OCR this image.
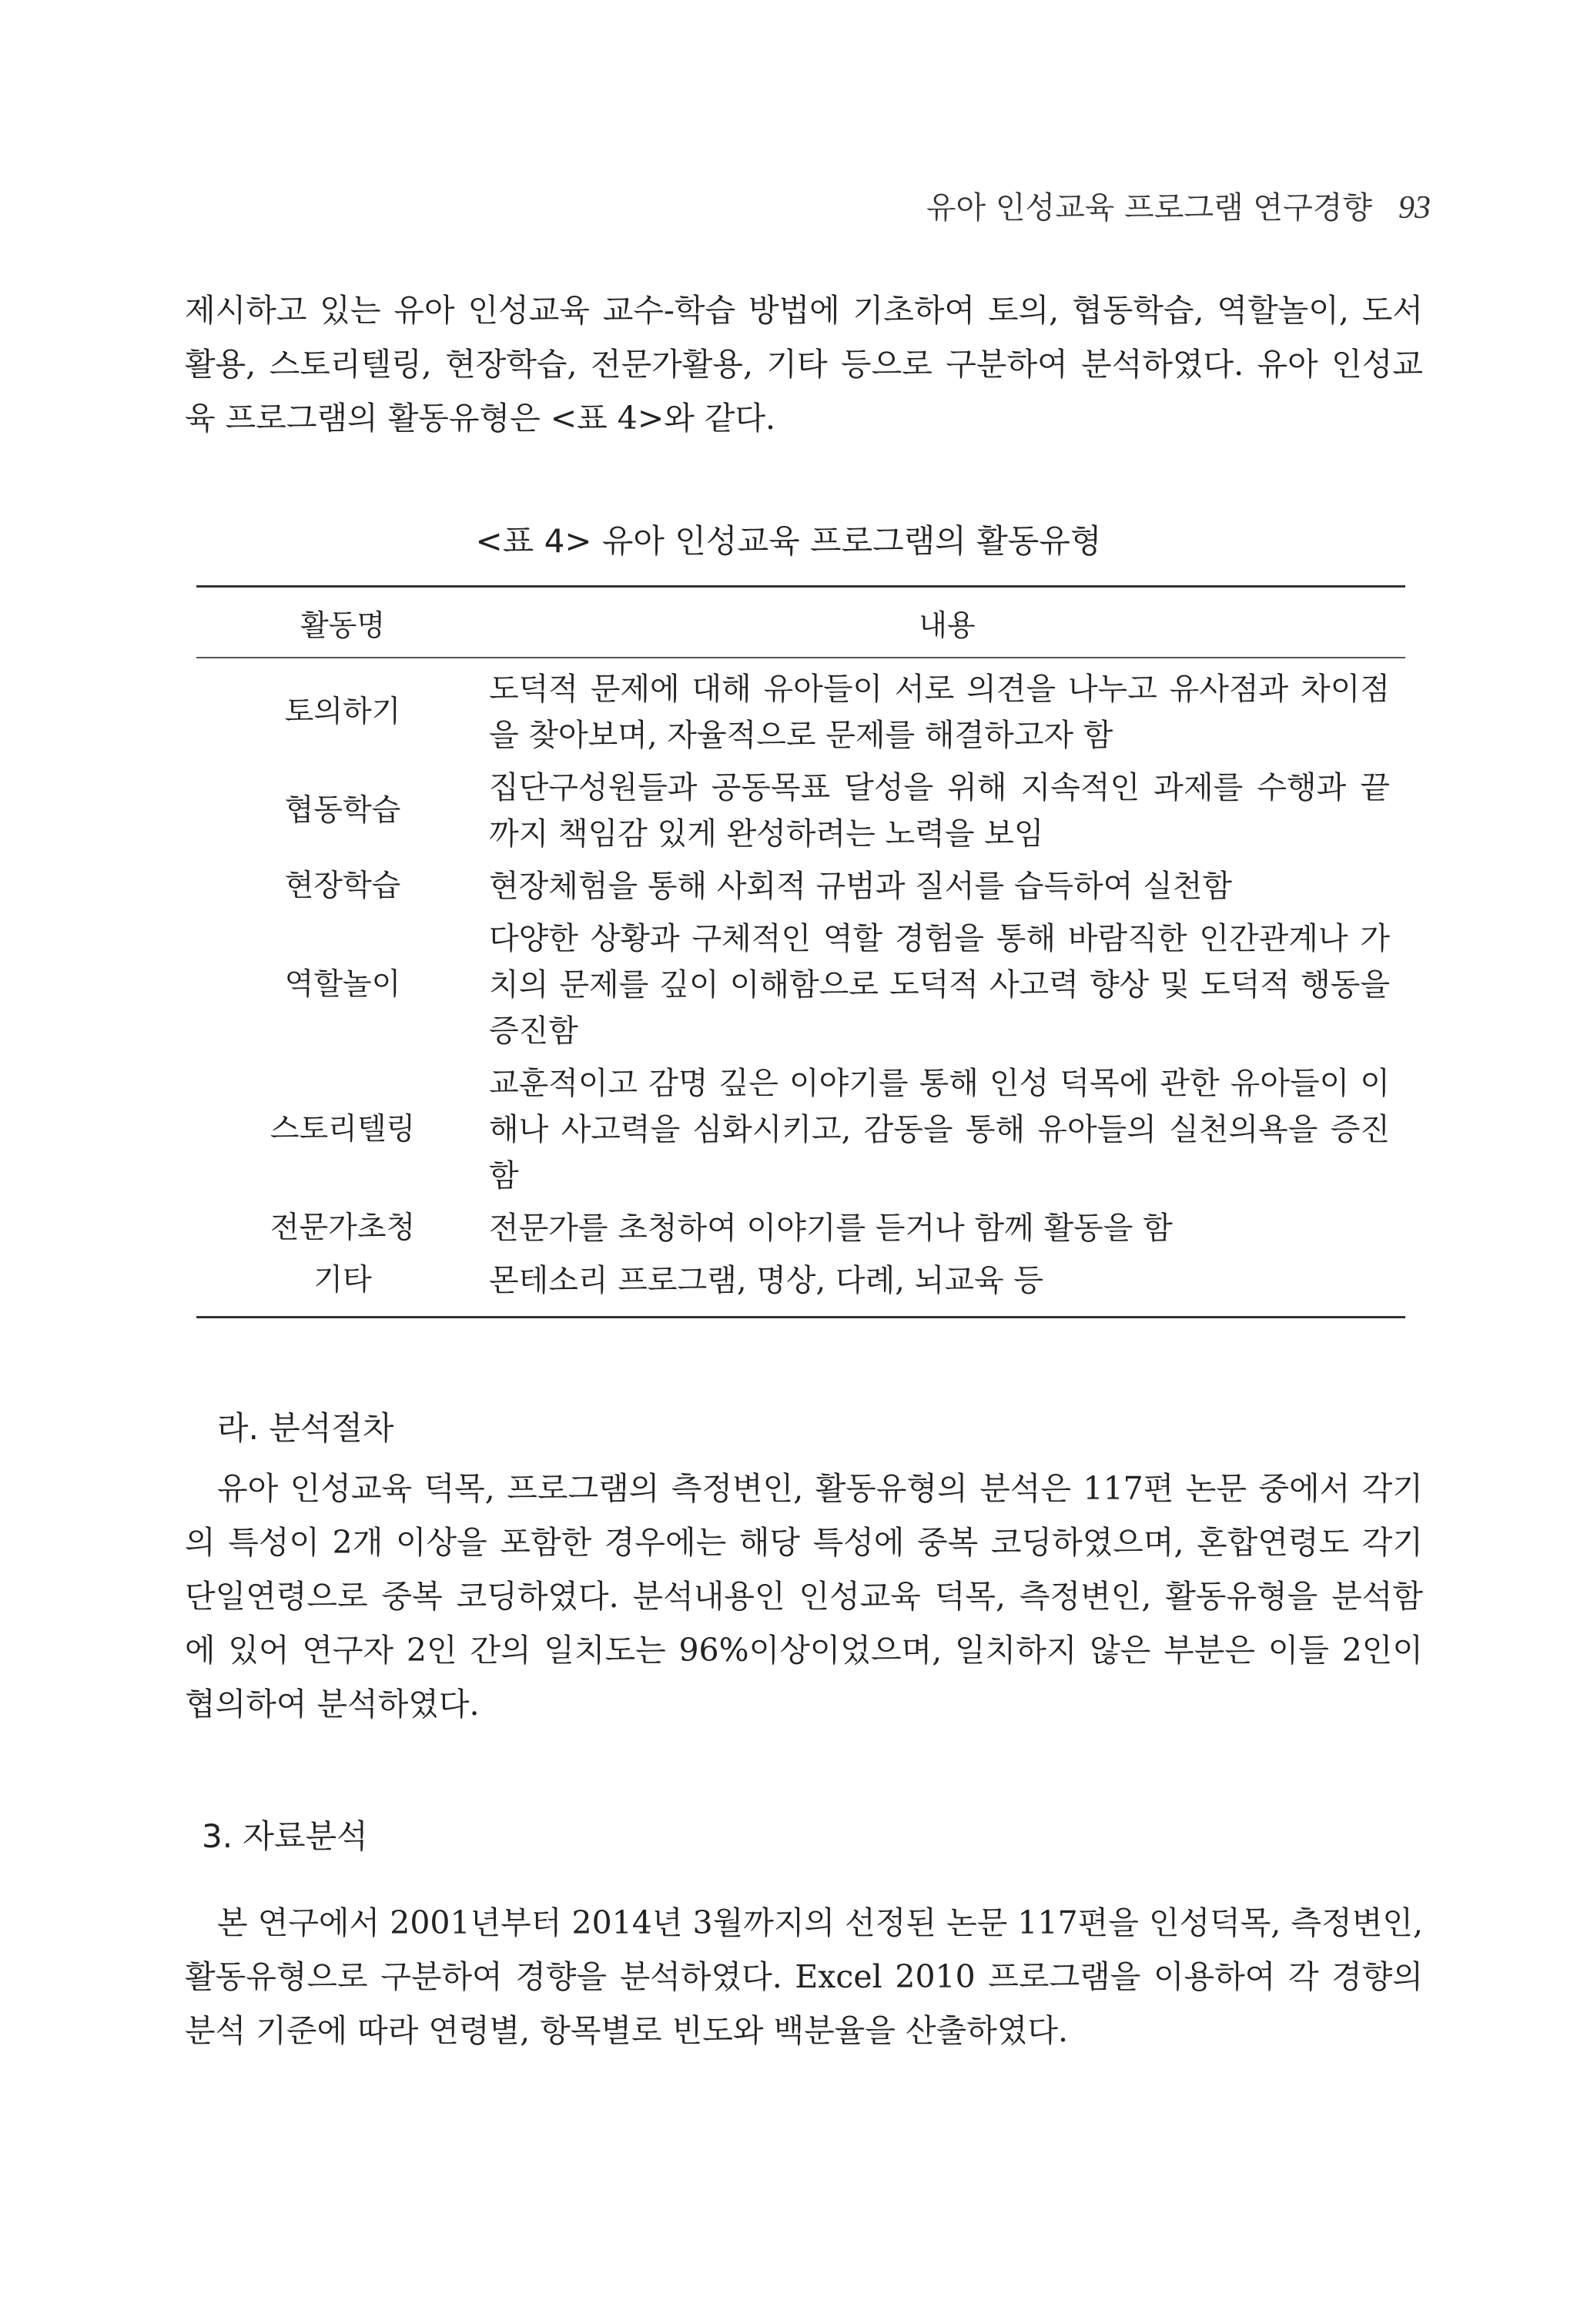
유아 인성교육 프로그램 연구경향 93

제시하고 있는 유아 인성교육 교수-학습 방법에 기초하여 토의, 협동학습, 역할놀이, 도서활용, 스토리텔링, 현장학습, 전문가활용, 기타 등으로 구분하여 분석하였다. 유아 인성교육 프로그램의 활동유형은 <표 4>와 같다.

<표 4> 유아 인성교육 프로그램의 활동유형
활동명	내용
토의하기	도덕적 문제에 대해 유아들이 서로 의견을 나누고 유사점과 차이점을 찾아보며, 자율적으로 문제를 해결하고자 함
협동학습	집단구성원들과 공동목표 달성을 위해 지속적인 과제를 수행과 끝까지 책임감 있게 완성하려는 노력을 보임
현장학습	현장체험을 통해 사회적 규범과 질서를 습득하여 실천함
역할놀이	다양한 상황과 구체적인 역할 경험을 통해 바람직한 인간관계나 가치의 문제를 깊이 이해함으로 도덕적 사고력 향상 및 도덕적 행동을 증진함
스토리텔링	교훈적이고 감명 깊은 이야기를 통해 인성 덕목에 관한 유아들이 이해나 사고력을 심화시키고, 감동을 통해 유아들의 실천의욕을 증진함
전문가초청	전문가를 초청하여 이야기를 듣거나 함께 활동을 함
기타	몬테소리 프로그램, 명상, 다례, 뇌교육 등
라. 분석절차

유아 인성교육 덕목, 프로그램의 측정변인, 활동유형의 분석은 117편 논문 중에서 각기의 특성이 2개 이상을 포함한 경우에는 해당 특성에 중복 코딩하였으며, 혼합연령도 각기 단일연령으로 중복 코딩하였다. 분석내용인 인성교육 덕목, 측정변인, 활동유형을 분석함에 있어 연구자 2인 간의 일치도는 96%이상이었으며, 일치하지 않은 부분은 이들 2인이 협의하여 분석하였다.

3. 자료분석

본 연구에서 2001년부터 2014년 3월까지의 선정된 논문 117편을 인성덕목, 측정변인, 활동유형으로 구분하여 경향을 분석하였다. Excel 2010 프로그램을 이용하여 각 경향의 분석 기준에 따라 연령별, 항목별로 빈도와 백분율을 산출하였다.
